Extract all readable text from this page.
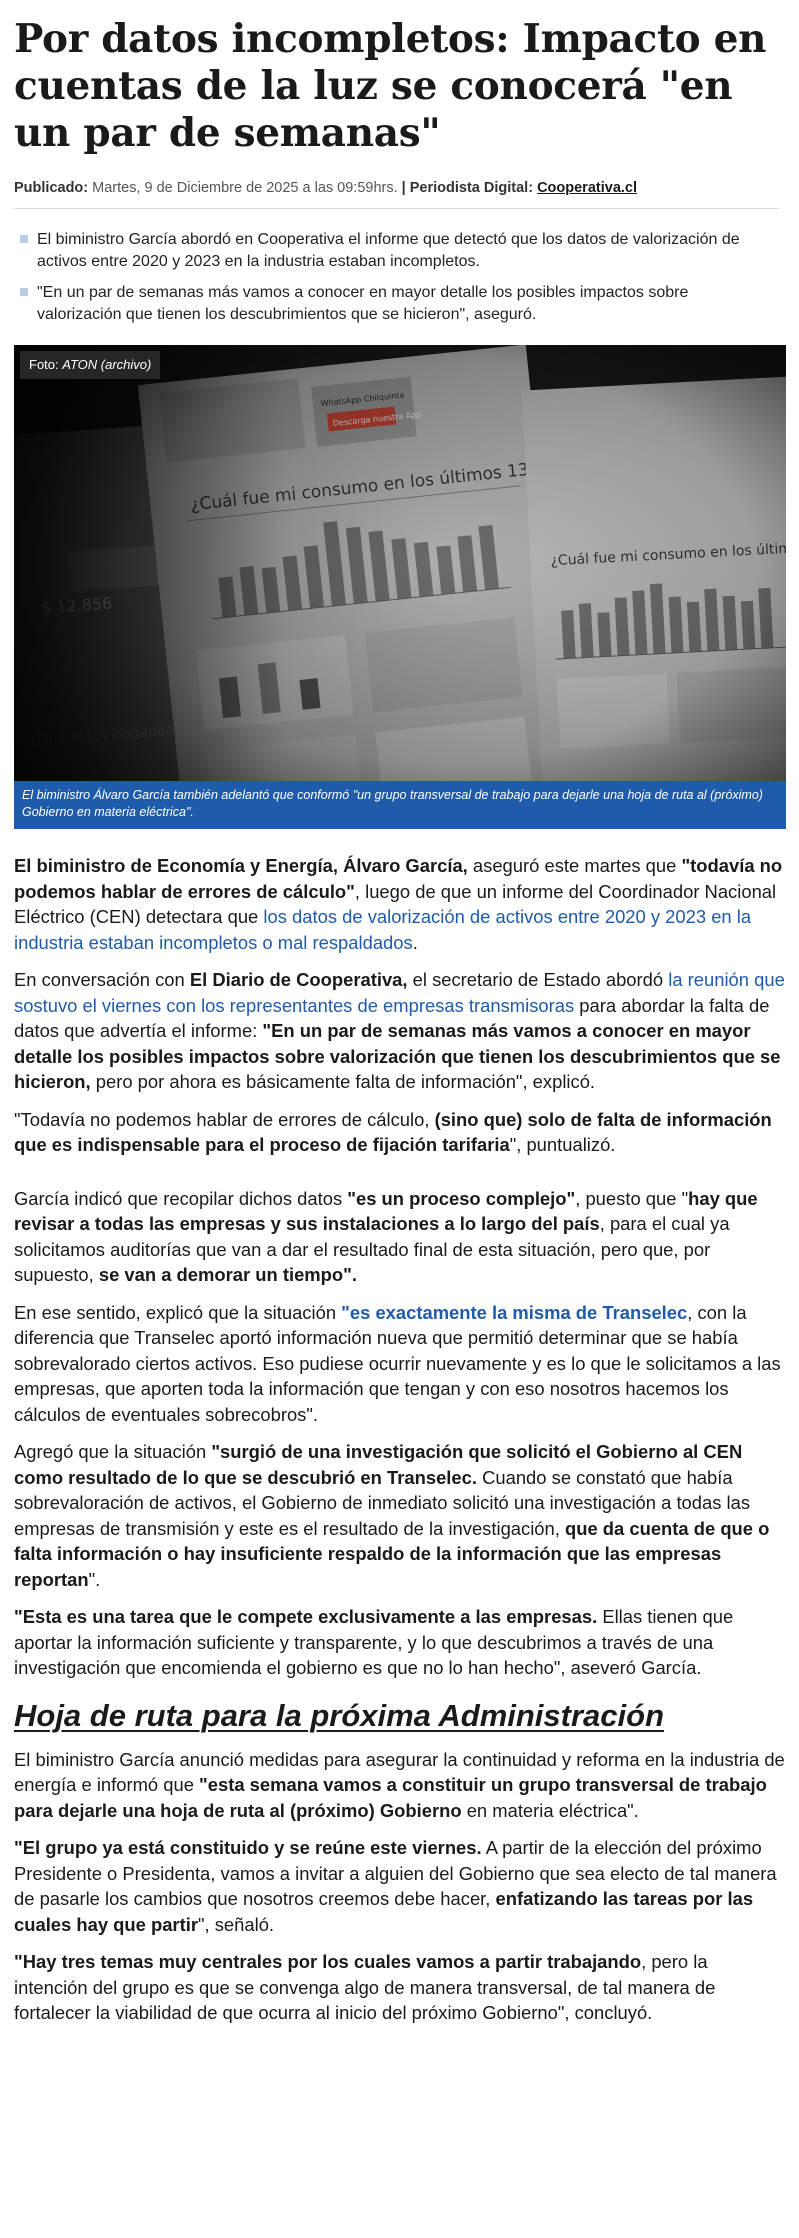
Por datos incompletos: Impacto en cuentas de la luz se conocerá "en un par de semanas"
Publicado: Martes, 9 de Diciembre de 2025 a las 09:59hrs. | Periodista Digital: Cooperativa.cl
El biministro García abordó en Cooperativa el informe que detectó que los datos de valorización de activos entre 2020 y 2023 en la industria estaban incompletos.
"En un par de semanas más vamos a conocer en mayor detalle los posibles impactos sobre valorización que tienen los descubrimientos que se hicieron", aseguró.
Foto: ATON (archivo)
El biministro Álvaro García también adelantó que conformó "un grupo transversal de trabajo para dejarle una hoja de ruta al (próximo) Gobierno en materia eléctrica".

El biministro de Economía y Energía, Álvaro García, aseguró este martes que "todavía no podemos hablar de errores de cálculo", luego de que un informe del Coordinador Nacional Eléctrico (CEN) detectara que los datos de valorización de activos entre 2020 y 2023 en la industria estaban incompletos o mal respaldados.

En conversación con El Diario de Cooperativa, el secretario de Estado abordó la reunión que sostuvo el viernes con los representantes de empresas transmisoras para abordar la falta de datos que advertía el informe: "En un par de semanas más vamos a conocer en mayor detalle los posibles impactos sobre valorización que tienen los descubrimientos que se hicieron, pero por ahora es básicamente falta de información", explicó.

"Todavía no podemos hablar de errores de cálculo, (sino que) solo de falta de información que es indispensable para el proceso de fijación tarifaria", puntualizó.

García indicó que recopilar dichos datos "es un proceso complejo", puesto que "hay que revisar a todas las empresas y sus instalaciones a lo largo del país, para el cual ya solicitamos auditorías que van a dar el resultado final de esta situación, pero que, por supuesto, se van a demorar un tiempo".

En ese sentido, explicó que la situación "es exactamente la misma de Transelec, con la diferencia que Transelec aportó información nueva que permitió determinar que se había sobrevalorado ciertos activos. Eso pudiese ocurrir nuevamente y es lo que le solicitamos a las empresas, que aporten toda la información que tengan y con eso nosotros hacemos los cálculos de eventuales sobrecobros".

Agregó que la situación "surgió de una investigación que solicitó el Gobierno al CEN como resultado de lo que se descubrió en Transelec. Cuando se constató que había sobrevaloración de activos, el Gobierno de inmediato solicitó una investigación a todas las empresas de transmisión y este es el resultado de la investigación, que da cuenta de que o falta información o hay insuficiente respaldo de la información que las empresas reportan".

"Esta es una tarea que le compete exclusivamente a las empresas. Ellas tienen que aportar la información suficiente y transparente, y lo que descubrimos a través de una investigación que encomienda el gobierno es que no lo han hecho", aseveró García.

Hoja de ruta para la próxima Administración

El biministro García anunció medidas para asegurar la continuidad y reforma en la industria de energía e informó que "esta semana vamos a constituir un grupo transversal de trabajo para dejarle una hoja de ruta al (próximo) Gobierno en materia eléctrica".

"El grupo ya está constituido y se reúne este viernes. A partir de la elección del próximo Presidente o Presidenta, vamos a invitar a alguien del Gobierno que sea electo de tal manera de pasarle los cambios que nosotros creemos debe hacer, enfatizando las tareas por las cuales hay que partir", señaló.

"Hay tres temas muy centrales por los cuales vamos a partir trabajando, pero la intención del grupo es que se convenga algo de manera transversal, de tal manera de fortalecer la viabilidad de que ocurra al inicio del próximo Gobierno", concluyó.
